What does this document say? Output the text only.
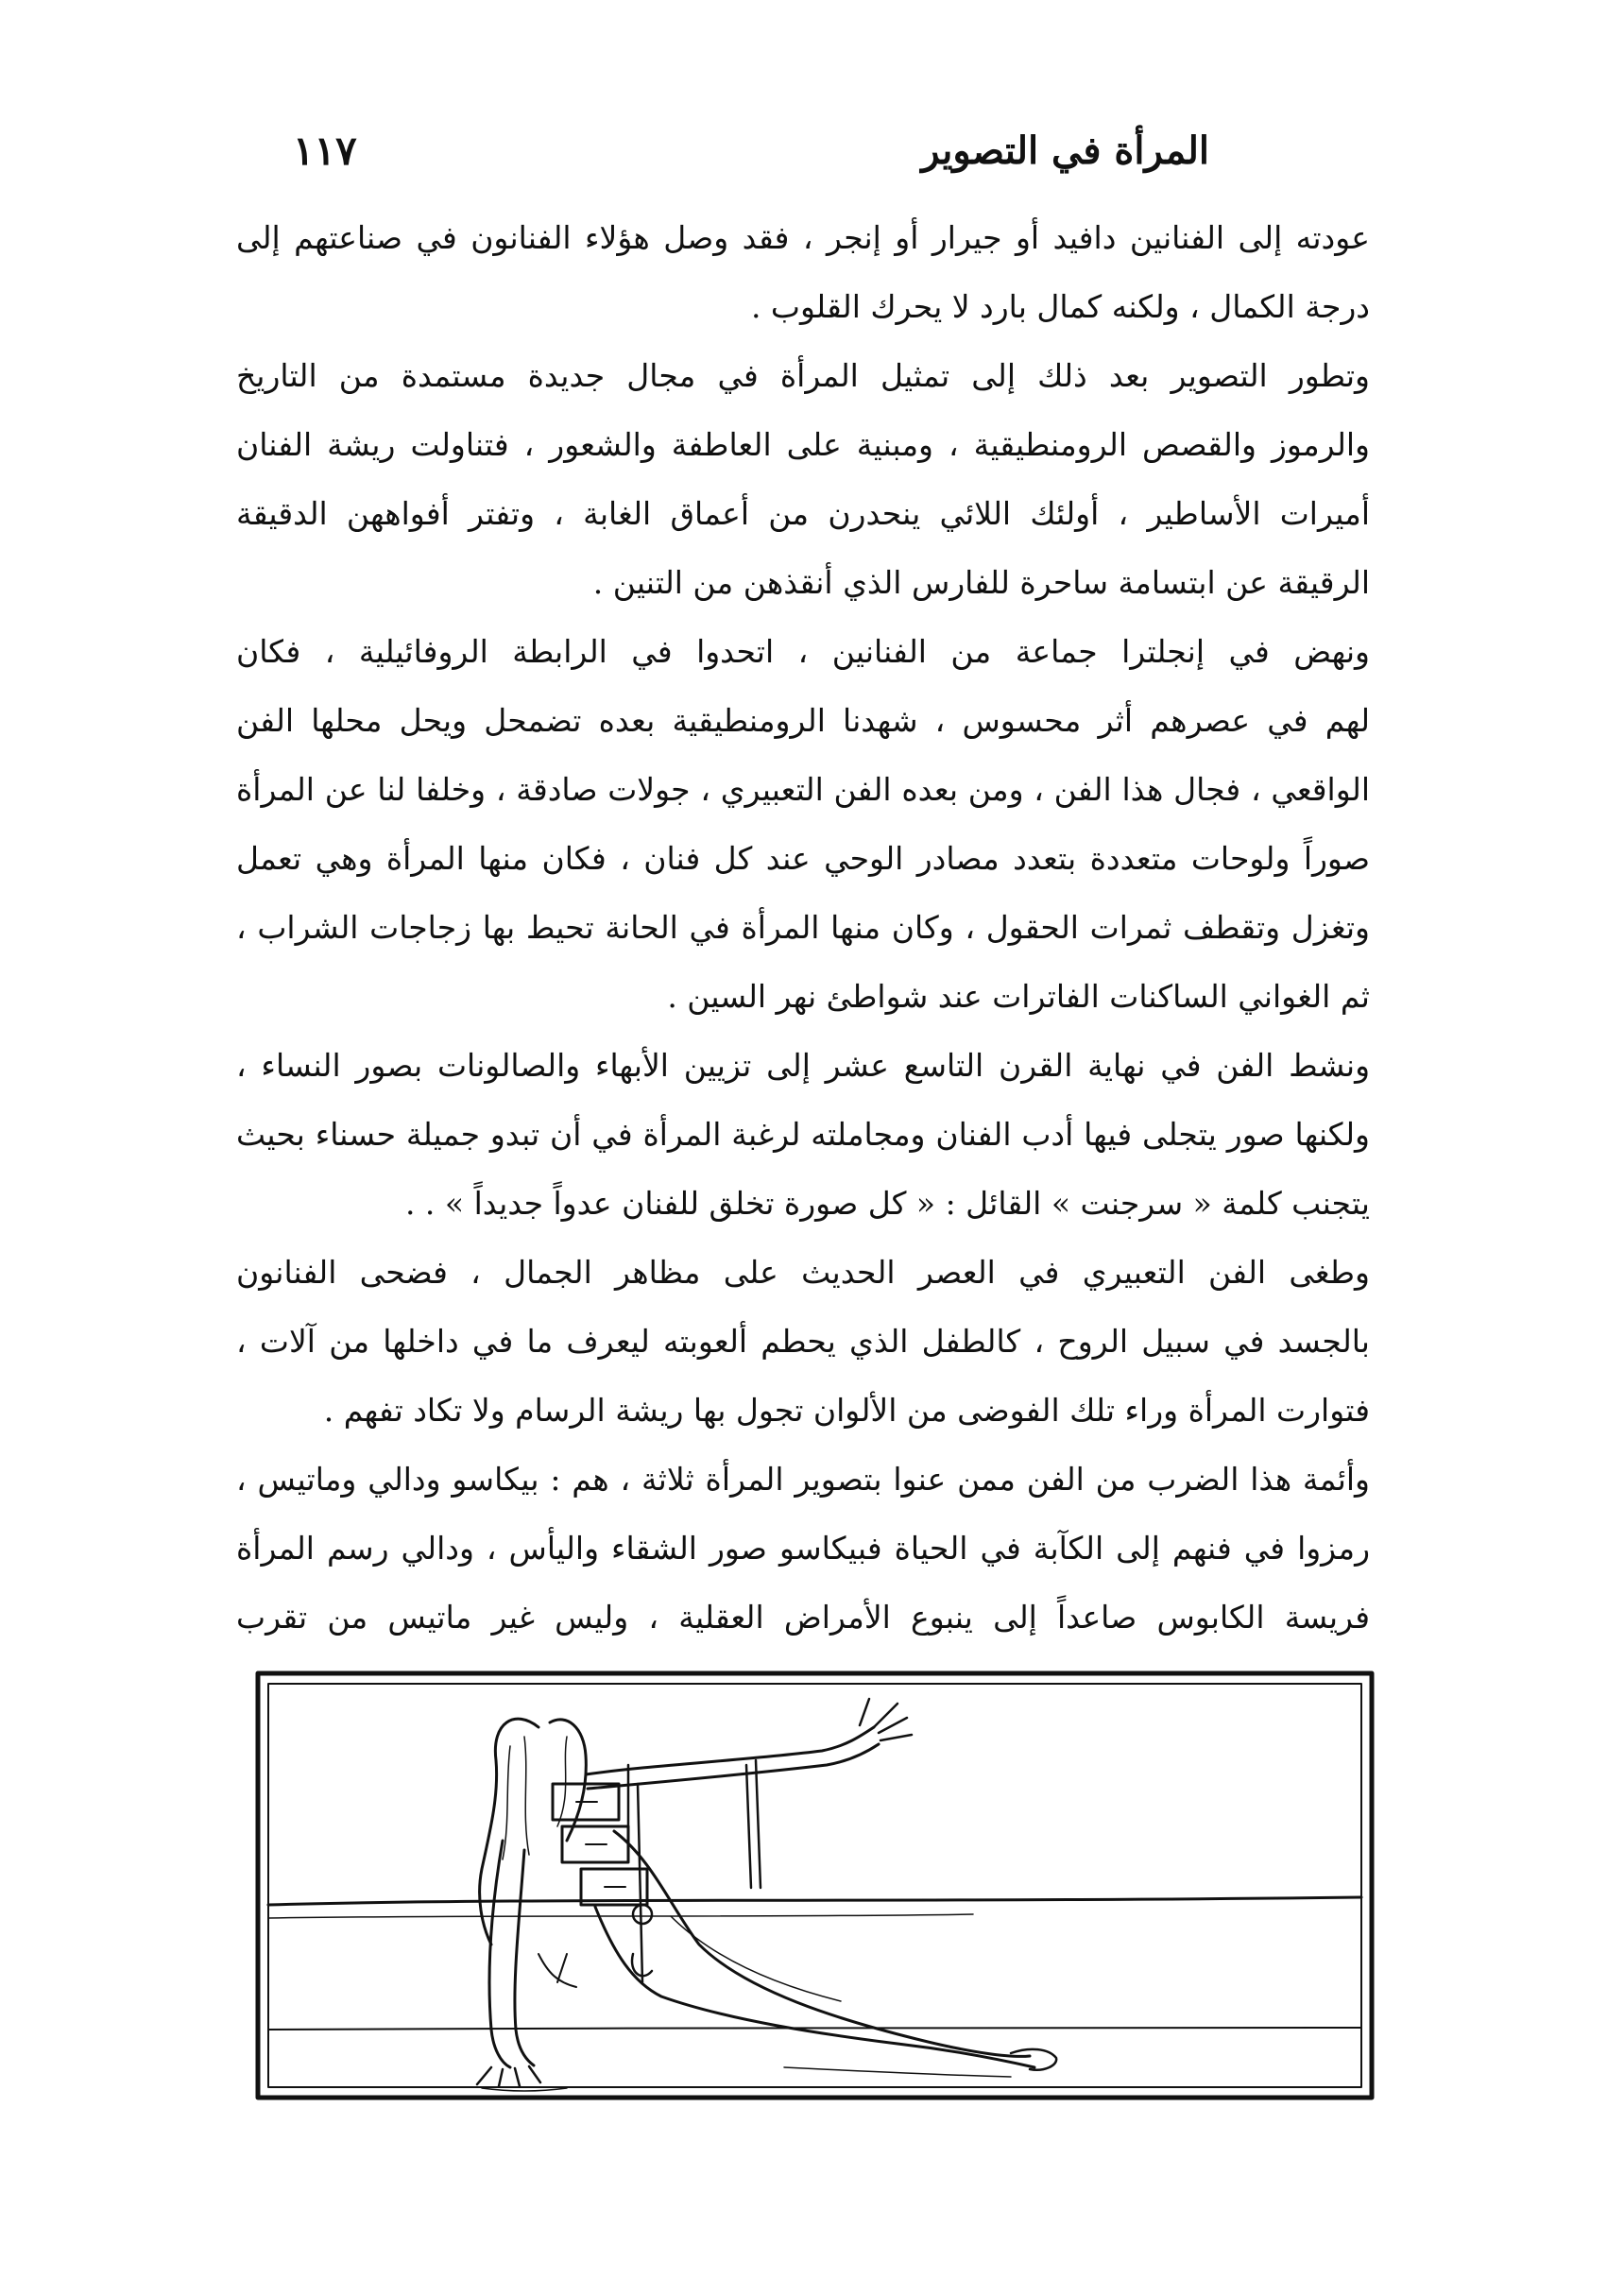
المرأة في التصوير
١١٧
عودته إلى الفنانين دافيد أو جيرار أو إنجر ، فقد وصل هؤلاء الفنانون في صناعتهم إلى
درجة الكمال ، ولكنه كمال بارد لا يحرك القلوب .
وتطور التصوير بعد ذلك إلى تمثيل المرأة في مجال جديدة مستمدة من التاريخ
والرموز والقصص الرومنطيقية ، ومبنية على العاطفة والشعور ، فتناولت ريشة الفنان
أميرات الأساطير ، أولئك اللائي ينحدرن من أعماق الغابة ، وتفتر أفواههن الدقيقة
الرقيقة عن ابتسامة ساحرة للفارس الذي أنقذهن من التنين .
ونهض في إنجلترا جماعة من الفنانين ، اتحدوا في الرابطة الروفائيلية ، فكان
لهم في عصرهم أثر محسوس ، شهدنا الرومنطيقية بعده تضمحل ويحل محلها الفن
الواقعي ، فجال هذا الفن ، ومن بعده الفن التعبيري ، جولات صادقة ، وخلفا لنا عن المرأة
صوراً ولوحات متعددة بتعدد مصادر الوحي عند كل فنان ، فكان منها المرأة وهي تعمل
وتغزل وتقطف ثمرات الحقول ، وكان منها المرأة في الحانة تحيط بها زجاجات الشراب ،
ثم الغواني الساكنات الفاترات عند شواطئ نهر السين .
ونشط الفن في نهاية القرن التاسع عشر إلى تزيين الأبهاء والصالونات بصور النساء ،
ولكنها صور يتجلى فيها أدب الفنان ومجاملته لرغبة المرأة في أن تبدو جميلة حسناء بحيث
يتجنب كلمة « سرجنت » القائل : « كل صورة تخلق للفنان عدواً جديداً » . .
وطغى الفن التعبيري في العصر الحديث على مظاهر الجمال ، فضحى الفنانون
بالجسد في سبيل الروح ، كالطفل الذي يحطم ألعوبته ليعرف ما في داخلها من آلات ،
فتوارت المرأة وراء تلك الفوضى من الألوان تجول بها ريشة الرسام ولا تكاد تفهم .
وأئمة هذا الضرب من الفن ممن عنوا بتصوير المرأة ثلاثة ، هم : بيكاسو ودالي وماتيس ،
رمزوا في فنهم إلى الكآبة في الحياة فبيكاسو صور الشقاء واليأس ، ودالي رسم المرأة
فريسة الكابوس صاعداً إلى ينبوع الأمراض العقلية ، وليس غير ماتيس من تقرب
